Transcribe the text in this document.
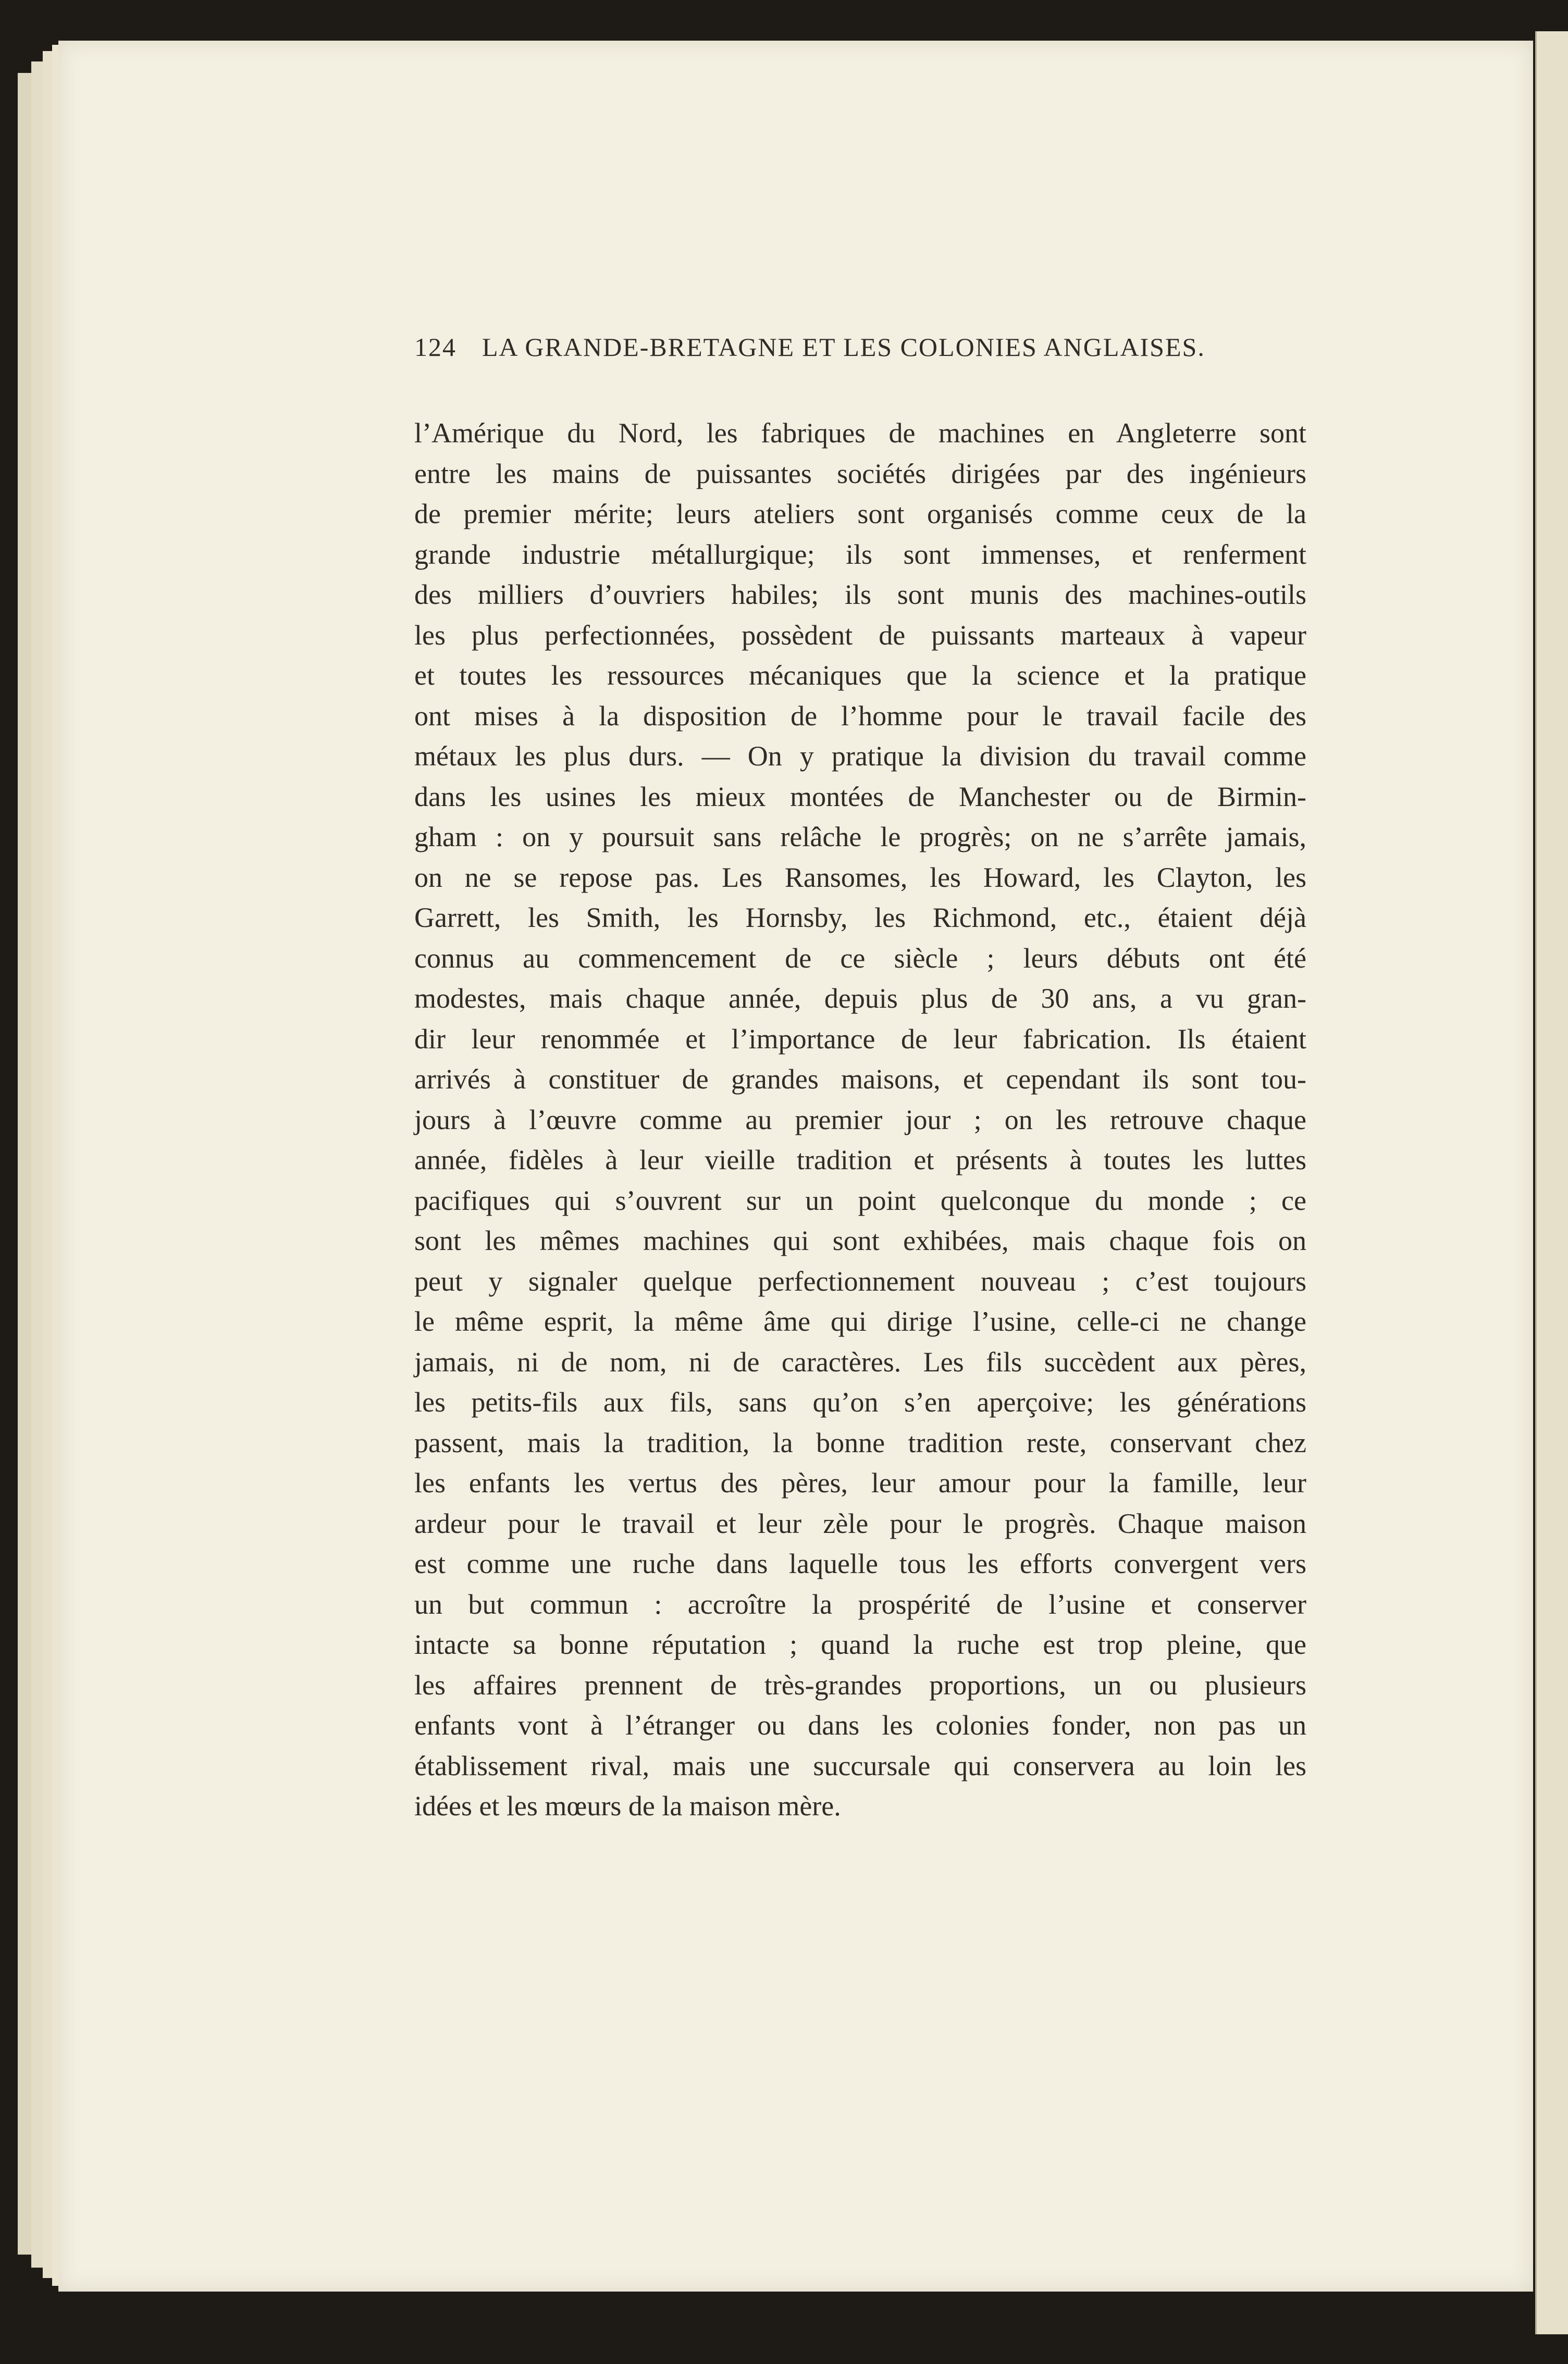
124 LA GRANDE-BRETAGNE ET LES COLONIES ANGLAISES.
l’Amérique du Nord, les fabriques de machines en Angleterre sont
entre les mains de puissantes sociétés dirigées par des ingénieurs
de premier mérite; leurs ateliers sont organisés comme ceux de la
grande industrie métallurgique; ils sont immenses, et renferment
des milliers d’ouvriers habiles; ils sont munis des machines-outils
les plus perfectionnées, possèdent de puissants marteaux à vapeur
et toutes les ressources mécaniques que la science et la pratique
ont mises à la disposition de l’homme pour le travail facile des
métaux les plus durs. — On y pratique la division du travail comme
dans les usines les mieux montées de Manchester ou de Birmin-
gham : on y poursuit sans relâche le progrès; on ne s’arrête jamais,
on ne se repose pas. Les Ransomes, les Howard, les Clayton, les
Garrett, les Smith, les Hornsby, les Richmond, etc., étaient déjà
connus au commencement de ce siècle ; leurs débuts ont été
modestes, mais chaque année, depuis plus de 30 ans, a vu gran-
dir leur renommée et l’importance de leur fabrication. Ils étaient
arrivés à constituer de grandes maisons, et cependant ils sont tou-
jours à l’œuvre comme au premier jour ; on les retrouve chaque
année, fidèles à leur vieille tradition et présents à toutes les luttes
pacifiques qui s’ouvrent sur un point quelconque du monde ; ce
sont les mêmes machines qui sont exhibées, mais chaque fois on
peut y signaler quelque perfectionnement nouveau ; c’est toujours
le même esprit, la même âme qui dirige l’usine, celle-ci ne change
jamais, ni de nom, ni de caractères. Les fils succèdent aux pères,
les petits-fils aux fils, sans qu’on s’en aperçoive; les générations
passent, mais la tradition, la bonne tradition reste, conservant chez
les enfants les vertus des pères, leur amour pour la famille, leur
ardeur pour le travail et leur zèle pour le progrès. Chaque maison
est comme une ruche dans laquelle tous les efforts convergent vers
un but commun : accroître la prospérité de l’usine et conserver
intacte sa bonne réputation ; quand la ruche est trop pleine, que
les affaires prennent de très-grandes proportions, un ou plusieurs
enfants vont à l’étranger ou dans les colonies fonder, non pas un
établissement rival, mais une succursale qui conservera au loin les
idées et les mœurs de la maison mère.
